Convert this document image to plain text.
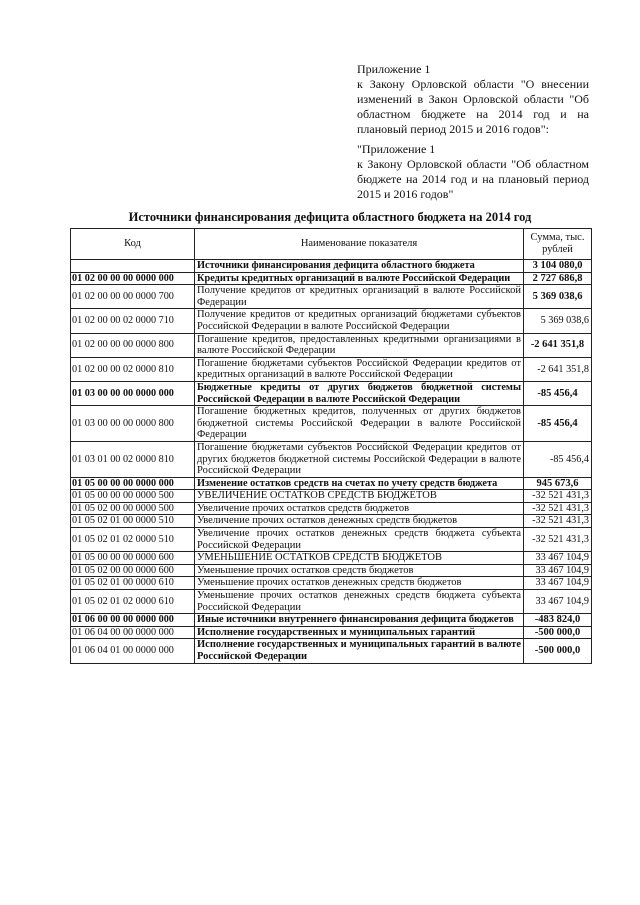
Приложение 1

к Закону Орловской области "О внесении изменений в Закон Орловской области "Об областном бюджете на 2014 год и на плановый период 2015 и 2016 годов":

"Приложение 1

к Закону Орловской области "Об областном бюджете на 2014 год и на плановый период 2015 и 2016 годов"

Источники финансирования дефицита областного бюджета на 2014 год
Код	Наименование показателя	Сумма, тыс. рублей
	Источники финансирования дефицита областного бюджета	3 104 080,0
01 02 00 00 00 0000 000	Кредиты кредитных организаций в валюте Российской Федерации	2 727 686,8
01 02 00 00 00 0000 700	Получение кредитов от кредитных организаций в валюте Российской Федерации	5 369 038,6
01 02 00 00 02 0000 710	Получение кредитов от кредитных организаций бюджетами субъектов Российской Федерации в валюте Российской Федерации	5 369 038,6
01 02 00 00 00 0000 800	Погашение кредитов, предоставленных кредитными организациями в валюте Российской Федерации	-2 641 351,8
01 02 00 00 02 0000 810	Погашение бюджетами субъектов Российской Федерации кредитов от кредитных организаций в валюте Российской Федерации	-2 641 351,8
01 03 00 00 00 0000 000	Бюджетные кредиты от других бюджетов бюджетной системы Российской Федерации в валюте Российской Федерации	-85 456,4
01 03 00 00 00 0000 800	Погашение бюджетных кредитов, полученных от других бюджетов бюджетной системы Российской Федерации в валюте Российской Федерации	-85 456,4
01 03 01 00 02 0000 810	Погашение бюджетами субъектов Российской Федерации кредитов от других бюджетов бюджетной системы Российской Федерации в валюте Российской Федерации	-85 456,4
01 05 00 00 00 0000 000	Изменение остатков средств на счетах по учету средств бюджета	945 673,6
01 05 00 00 00 0000 500	УВЕЛИЧЕНИЕ ОСТАТКОВ СРЕДСТВ БЮДЖЕТОВ	-32 521 431,3
01 05 02 00 00 0000 500	Увеличение прочих остатков средств бюджетов	-32 521 431,3
01 05 02 01 00 0000 510	Увеличение прочих остатков денежных средств бюджетов	-32 521 431,3
01 05 02 01 02 0000 510	Увеличение прочих остатков денежных средств бюджета субъекта Российской Федерации	-32 521 431,3
01 05 00 00 00 0000 600	УМЕНЬШЕНИЕ ОСТАТКОВ СРЕДСТВ БЮДЖЕТОВ	33 467 104,9
01 05 02 00 00 0000 600	Уменьшение прочих остатков средств бюджетов	33 467 104,9
01 05 02 01 00 0000 610	Уменьшение прочих остатков денежных средств бюджетов	33 467 104,9
01 05 02 01 02 0000 610	Уменьшение прочих остатков денежных средств бюджета субъекта Российской Федерации	33 467 104,9
01 06 00 00 00 0000 000	Иные источники внутреннего финансирования дефицита бюджетов	-483 824,0
01 06 04 00 00 0000 000	Исполнение государственных и муниципальных гарантий	-500 000,0
01 06 04 01 00 0000 000	Исполнение государственных и муниципальных гарантий в валюте Российской Федерации	-500 000,0
